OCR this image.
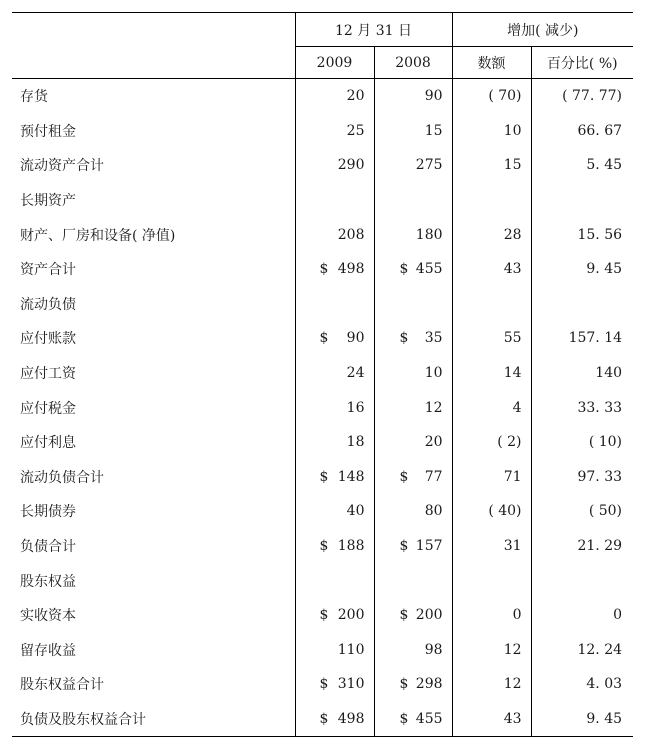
	12 月 31 日		增加( 减少)	
	2009	2008	数额	百分比( %)
存货	20	90	( 70)	( 77. 77)
预付租金	25	15	10	66. 67
流动资产合计	290	275	15	5. 45
长期资产	

财产、厂房和设备( 净值)	208	180	28	15. 56
资产合计	$ 498	$ 455	43	9. 45
流动负债	

应付账款	$ 90	$ 35	55	157. 14
应付工资	24	10	14	140
应付税金	16	12	4	33. 33
应付利息	18	20	( 2)	( 10)
流动负债合计	$ 148	$ 77	71	97. 33
长期债券	40	80	( 40)	( 50)
负债合计	$ 188	$ 157	31	21. 29
股东权益	

实收资本	$ 200	$ 200	0	0
留存收益	110	98	12	12. 24
股东权益合计	$ 310	$ 298	12	4. 03
负债及股东权益合计	$ 498	$ 455	43	9. 45
